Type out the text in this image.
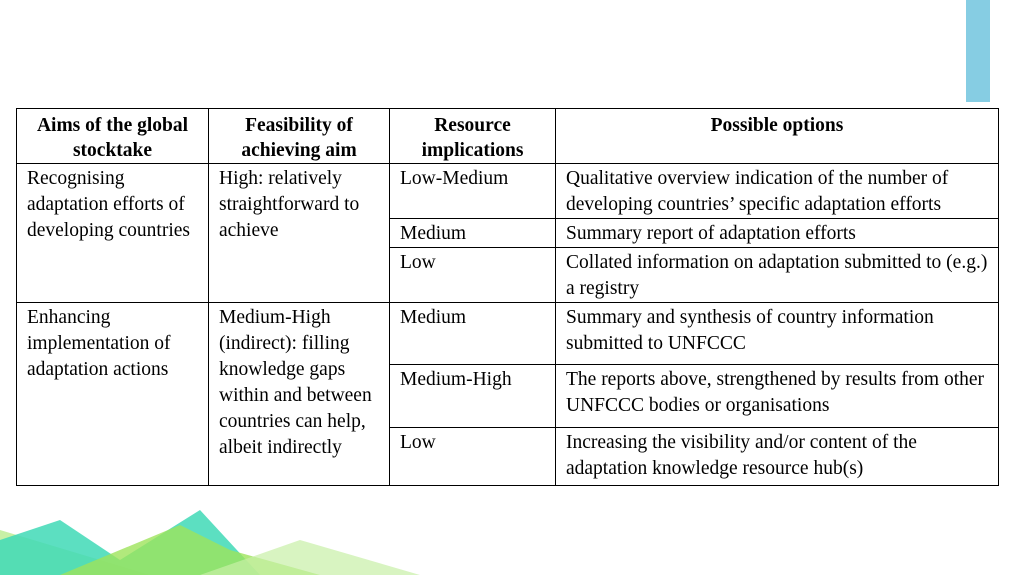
Aims of the global stocktake	Feasibility of achieving aim	Resource implications	Possible options
Recognising adaptation efforts of developing countries	High: relatively straightforward to achieve	Low-Medium	Qualitative overview indication of the number of developing countries’ specific adaptation efforts
		Medium	Summary report of adaptation efforts
		Low	Collated information on adaptation submitted to (e.g.) a registry
Enhancing implementation of adaptation actions	Medium-High (indirect): filling knowledge gaps within and between countries can help, albeit indirectly	Medium	Summary and synthesis of country information submitted to UNFCCC
		Medium-High	The reports above, strengthened by results from other UNFCCC bodies or organisations
		Low	Increasing the visibility and/or content of the adaptation knowledge resource hub(s)
